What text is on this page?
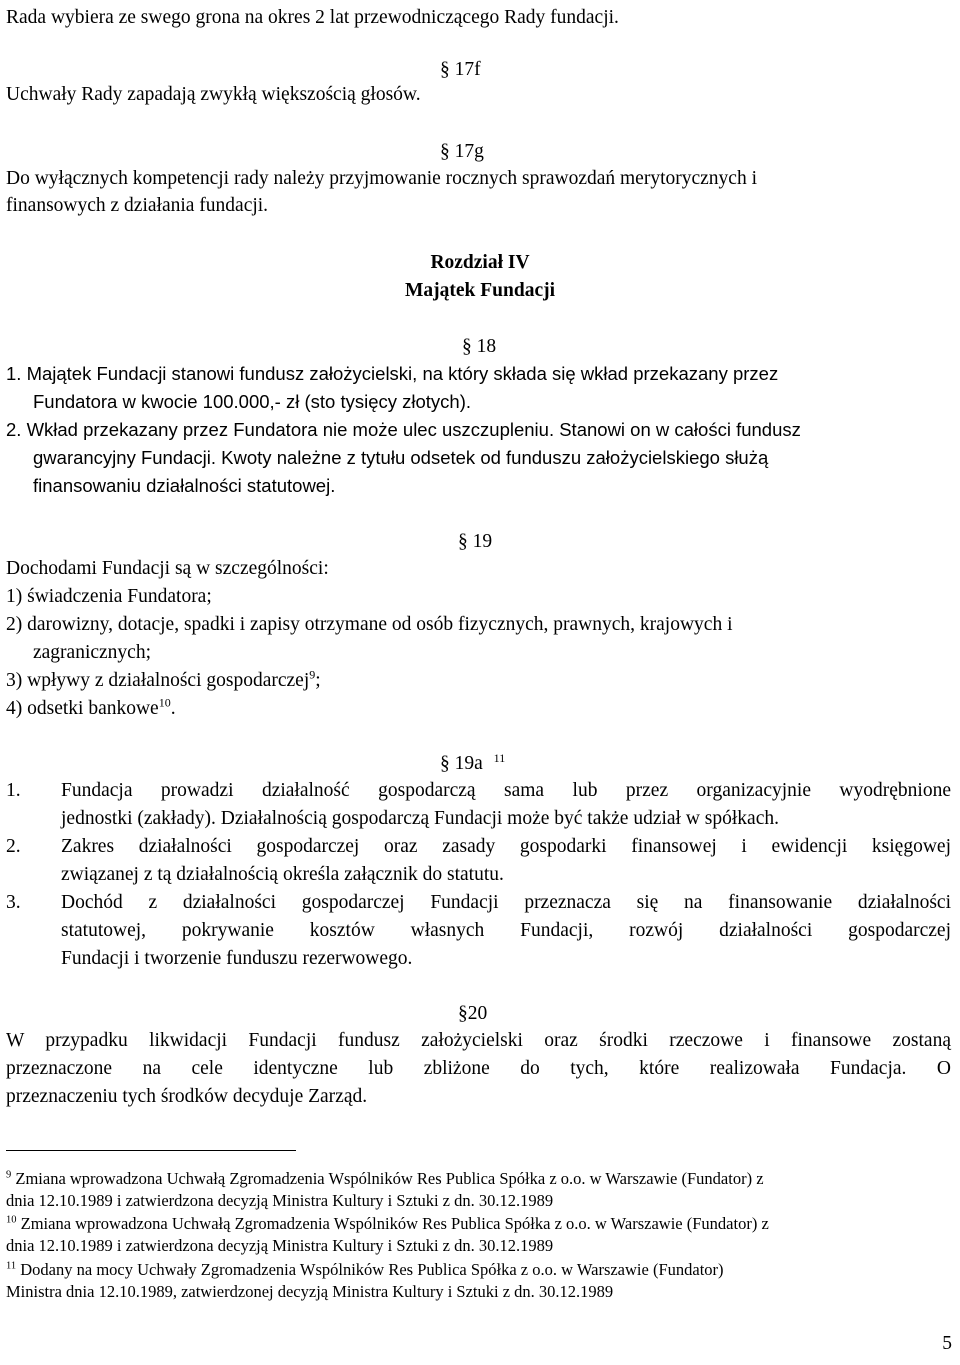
Rada wybiera ze swego grona na okres 2 lat przewodniczącego Rady fundacji.
§ 17f
Uchwały Rady zapadają zwykłą większością głosów.
§ 17g
Do wyłącznych kompetencji rady należy przyjmowanie rocznych sprawozdań merytorycznych i
finansowych z działania fundacji.
Rozdział IV
Majątek Fundacji
§ 18
1. Majątek Fundacji stanowi fundusz założycielski, na który składa się wkład przekazany przez
Fundatora w kwocie 100.000,- zł (sto tysięcy złotych).
2. Wkład przekazany przez Fundatora nie może ulec uszczupleniu. Stanowi on w całości fundusz
gwarancyjny Fundacji. Kwoty należne z tytułu odsetek od funduszu założycielskiego służą
finansowaniu działalności statutowej.
§ 19
Dochodami Fundacji są w szczególności:
1) świadczenia Fundatora;
2) darowizny, dotacje, spadki i zapisy otrzymane od osób fizycznych, prawnych, krajowych i
zagranicznych;
3) wpływy z działalności gospodarczej$^9$;
4) odsetki bankowe$^{10}$.
§ 19a $^{11}$
1. Fundacja prowadzi działalność gospodarczą sama lub przez organizacyjnie wyodrębnione
jednostki (zakłady). Działalnością gospodarczą Fundacji może być także udział w spółkach.
2. Zakres działalności gospodarczej oraz zasady gospodarki finansowej i ewidencji księgowej
związanej z tą działalnością określa załącznik do statutu.
3. Dochód z działalności gospodarczej Fundacji przeznacza się na finansowanie działalności
statutowej, pokrywanie kosztów własnych Fundacji, rozwój działalności gospodarczej
Fundacji i tworzenie funduszu rezerwowego.
§20
W przypadku likwidacji Fundacji fundusz założycielski oraz środki rzeczowe i finansowe zostaną
przeznaczone na cele identyczne lub zbliżone do tych, które realizowała Fundacja. O
przeznaczeniu tych środków decyduje Zarząd.
$^9$ Zmiana wprowadzona Uchwałą Zgromadzenia Wspólników Res Publica Spółka z o.o. w Warszawie (Fundator) z
dnia 12.10.1989 i zatwierdzona decyzją Ministra Kultury i Sztuki z dn. 30.12.1989
$^{10}$ Zmiana wprowadzona Uchwałą Zgromadzenia Wspólników Res Publica Spółka z o.o. w Warszawie (Fundator) z
dnia 12.10.1989 i zatwierdzona decyzją Ministra Kultury i Sztuki z dn. 30.12.1989
$^{11}$ Dodany na mocy Uchwały Zgromadzenia Wspólników Res Publica Spółka z o.o. w Warszawie (Fundator)
Ministra dnia 12.10.1989, zatwierdzonej decyzją Ministra Kultury i Sztuki z dn. 30.12.1989
5
